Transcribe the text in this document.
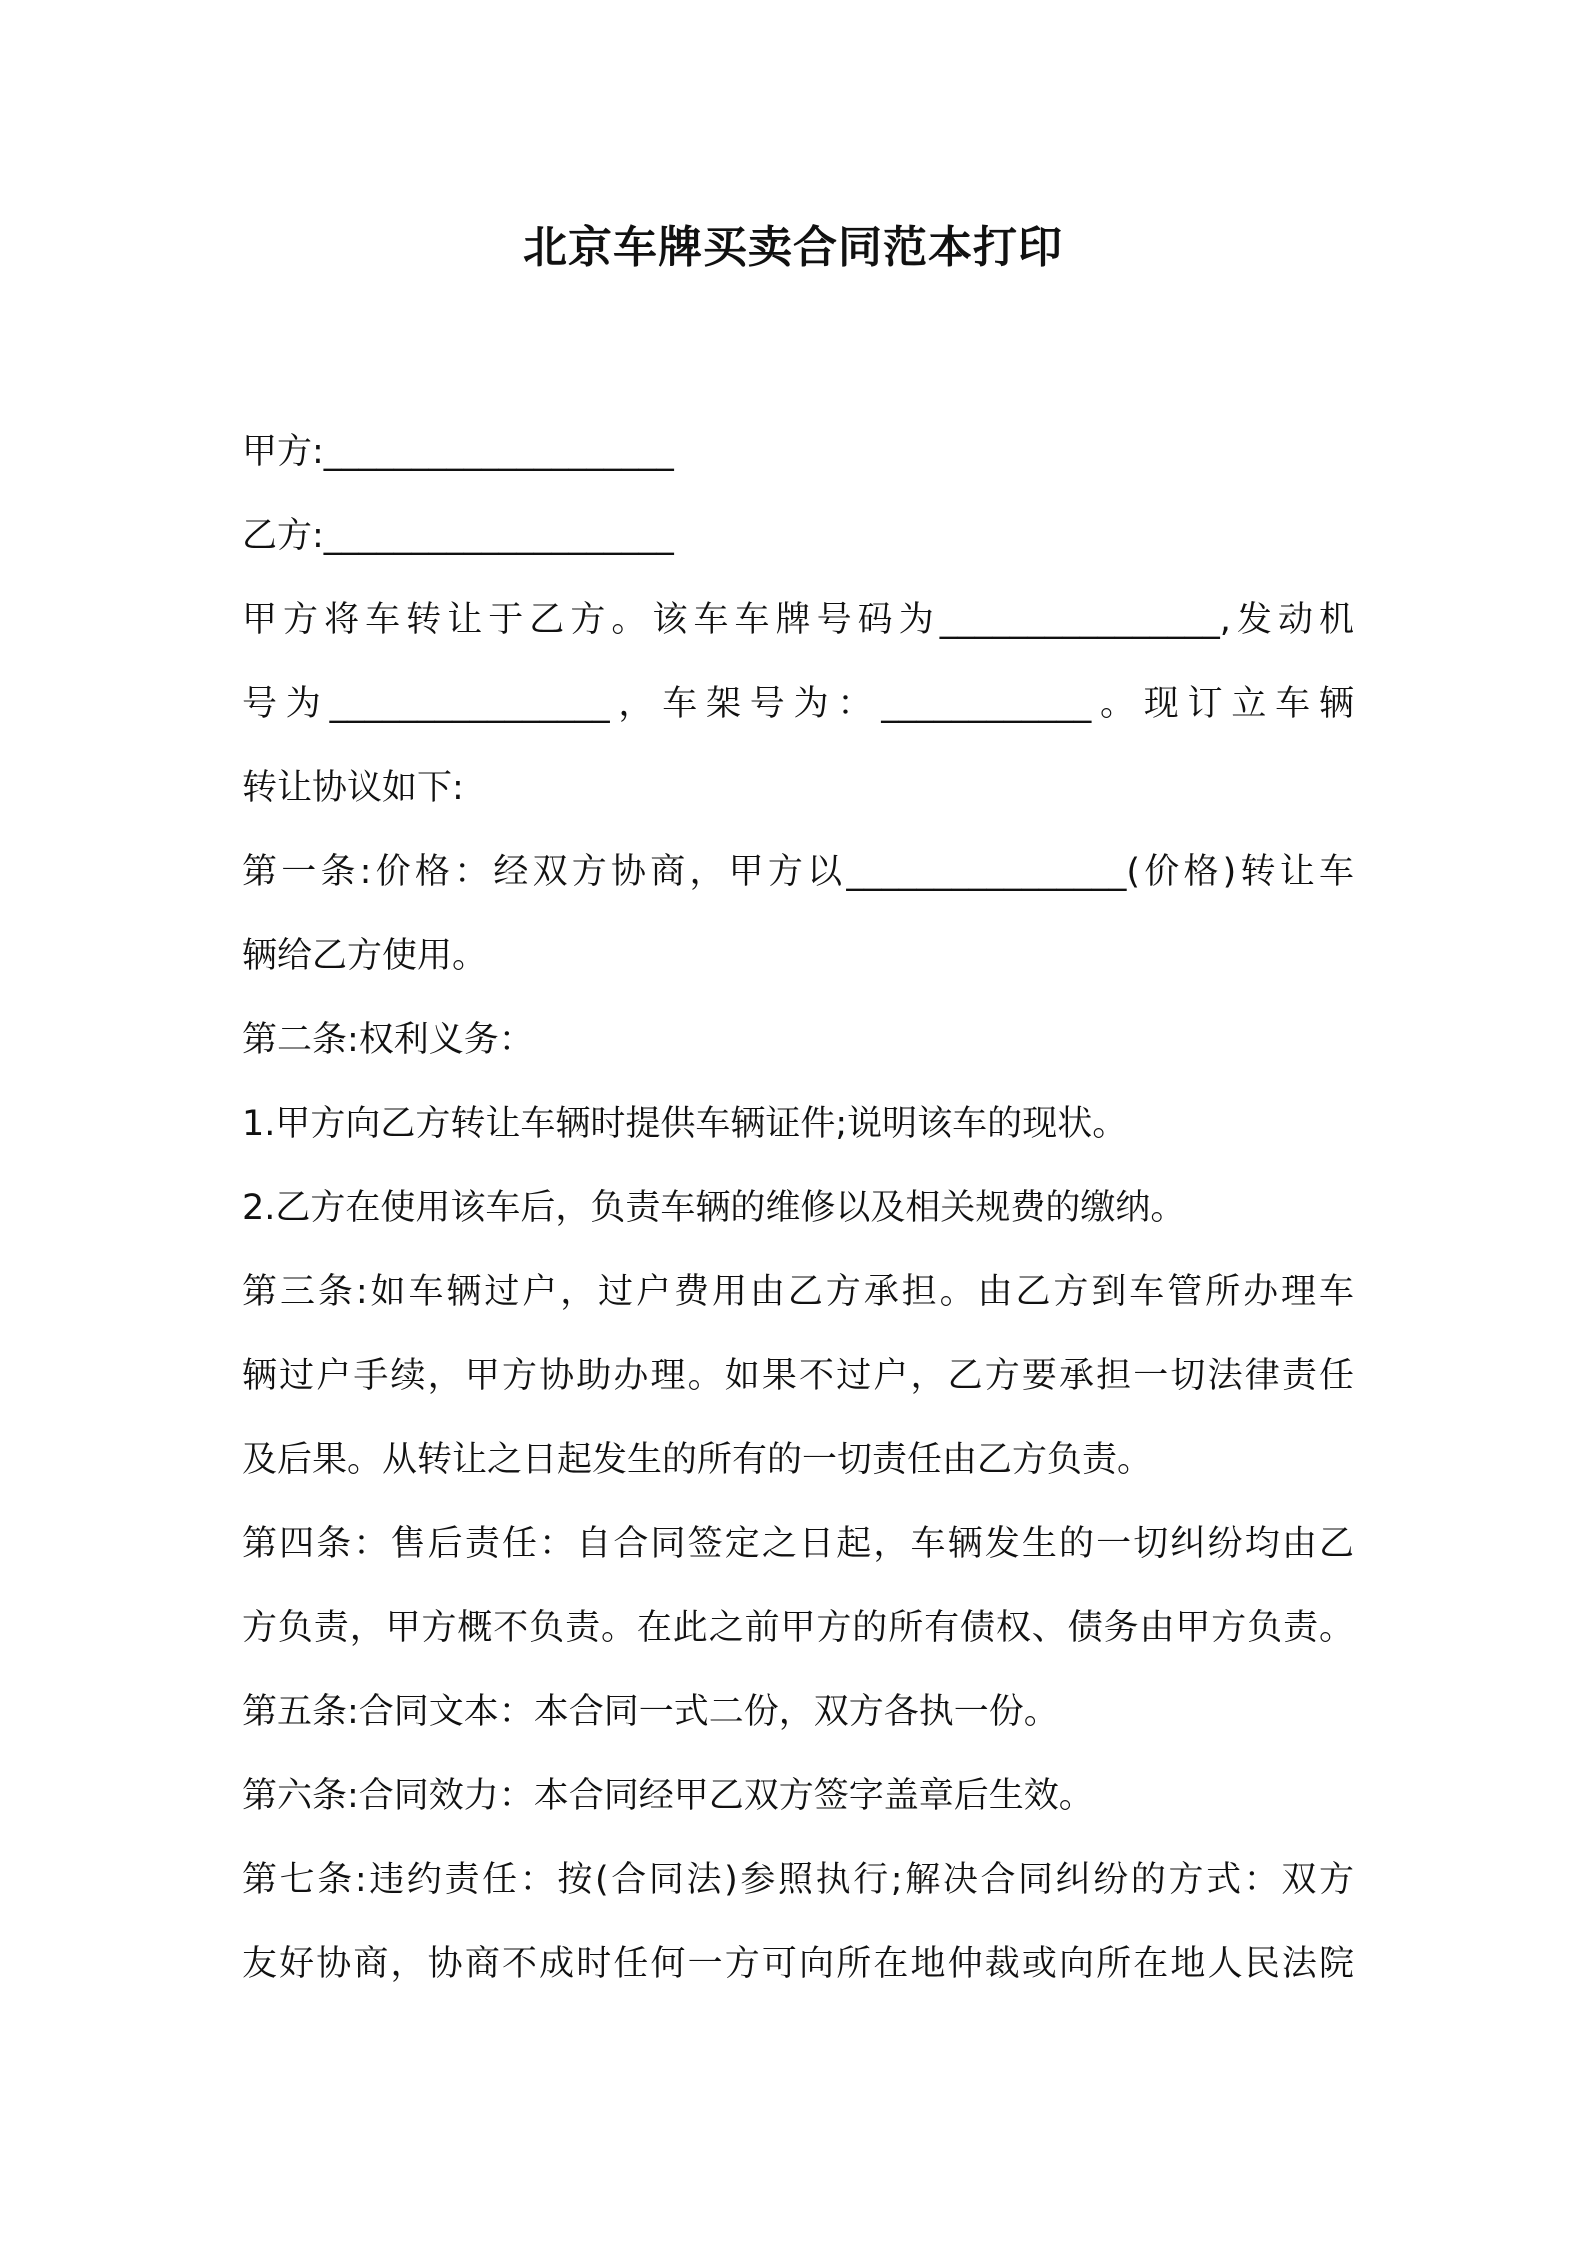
北京车牌买卖合同范本打印
甲方:____________________
乙方:____________________
甲方将车转让于乙方。该车车牌号码为________________,发动机
号为________________，车架号为：____________。现订立车辆
转让协议如下:
第一条:价格：经双方协商，甲方以________________(价格)转让车
辆给乙方使用。
第二条:权利义务：
1.甲方向乙方转让车辆时提供车辆证件;说明该车的现状。
2.乙方在使用该车后，负责车辆的维修以及相关规费的缴纳。
第三条:如车辆过户，过户费用由乙方承担。由乙方到车管所办理车
辆过户手续，甲方协助办理。如果不过户，乙方要承担一切法律责任
及后果。从转让之日起发生的所有的一切责任由乙方负责。
第四条：售后责任：自合同签定之日起，车辆发生的一切纠纷均由乙
方负责，甲方概不负责。在此之前甲方的所有债权、债务由甲方负责。
第五条:合同文本：本合同一式二份，双方各执一份。
第六条:合同效力：本合同经甲乙双方签字盖章后生效。
第七条:违约责任：按(合同法)参照执行;解决合同纠纷的方式：双方
友好协商，协商不成时任何一方可向所在地仲裁或向所在地人民法院
